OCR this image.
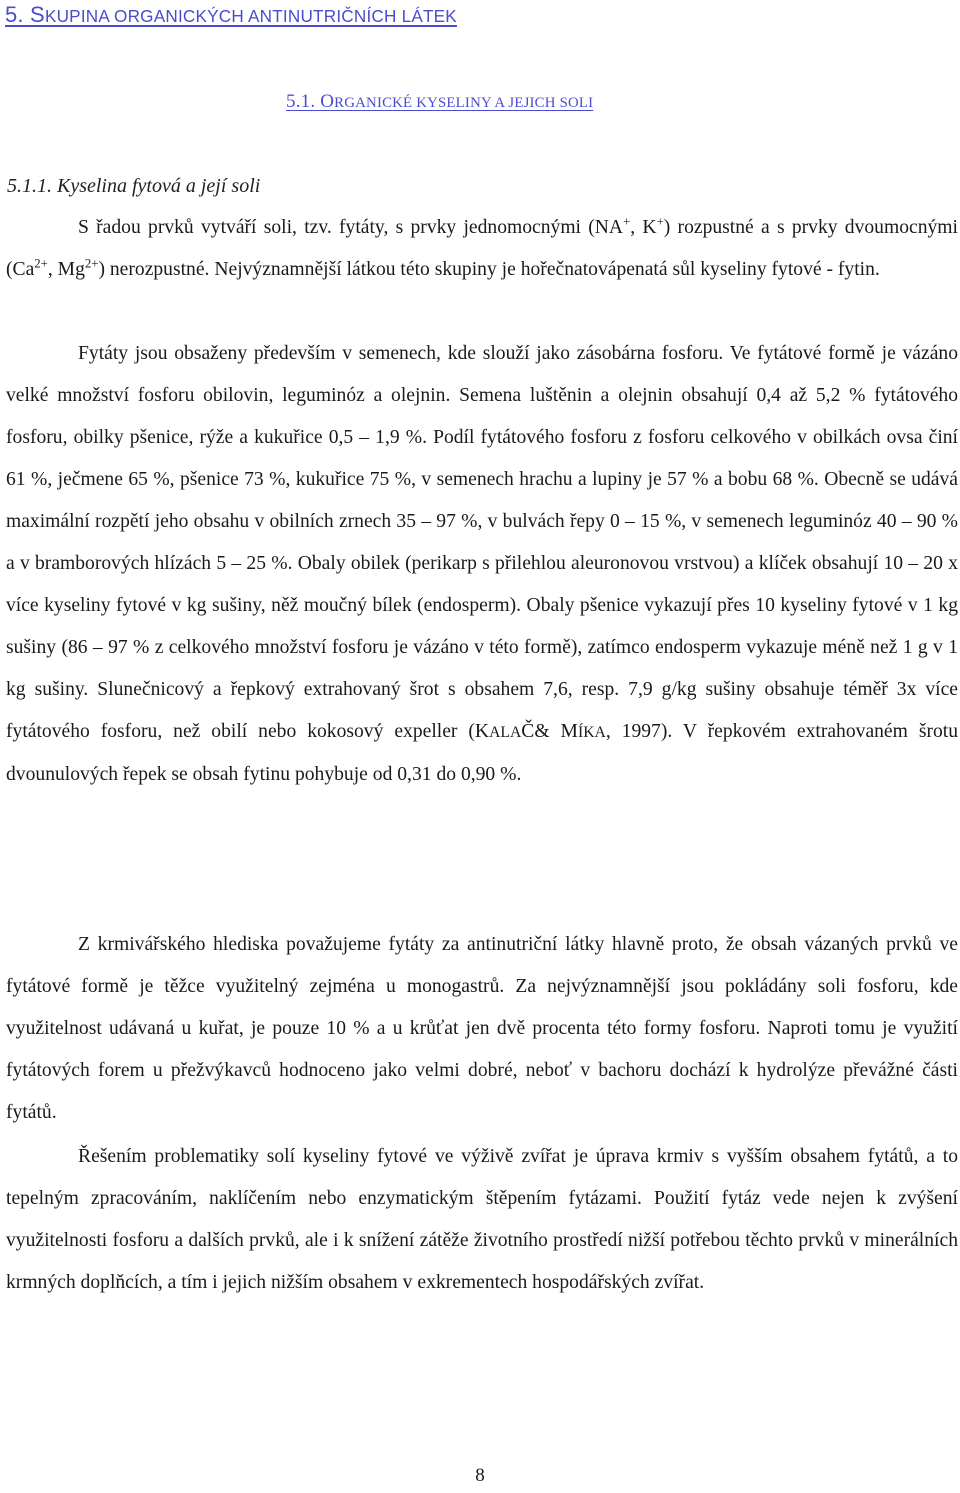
5. SKUPINA ORGANICKÝCH ANTINUTRIČNÍCH LÁTEK
5.1. ORGANICKÉ KYSELINY A JEJICH SOLI
5.1.1. Kyselina fytová a její soli

S řadou prvků vytváří soli, tzv. fytáty, s prvky jednomocnými (NA+, K+) rozpustné a s prvky dvoumocnými ($Ca^{2+}$, $Mg^{2+}$) nerozpustné. Nejvýznamnější látkou této skupiny je hořečnatovápenatá sůl kyseliny fytové - fytin.

Fytáty jsou obsaženy především v semenech, kde slouží jako zásobárna fosforu. Ve fytátové formě je vázáno velké množství fosforu obilovin, leguminóz a olejnin. Semena luštěnin a olejnin obsahují 0,4 až 5,2 % fytátového fosforu, obilky pšenice, rýže a kukuřice 0,5 – 1,9 %. Podíl fytátového fosforu z fosforu celkového v obilkách ovsa činí 61 %, ječmene 65 %, pšenice 73 %, kukuřice 75 %, v semenech hrachu a lupiny je 57 % a bobu 68 %. Obecně se udává maximální rozpětí jeho obsahu v obilních zrnech 35 – 97 %, v bulvách řepy 0 – 15 %, v semenech leguminóz 40 – 90 % a v bramborových hlízách 5 – 25 %. Obaly obilek (perikarp s přilehlou aleuronovou vrstvou) a klíček obsahují 10 – 20 x více kyseliny fytové v kg sušiny, něž moučný bílek (endosperm). Obaly pšenice vykazují přes 10 kyseliny fytové v 1 kg sušiny (86 – 97 % z celkového množství fosforu je vázáno v této formě), zatímco endosperm vykazuje méně než 1 g v 1 kg sušiny. Slunečnicový a řepkový extrahovaný šrot s obsahem 7,6, resp. 7,9 g/kg sušiny obsahuje téměř 3x více fytátového fosforu, než obilí nebo kokosový expeller (KALAČ& MÍKA, 1997). V řepkovém extrahovaném šrotu dvounulových řepek se obsah fytinu pohybuje od 0,31 do 0,90 %.

Z krmivářského hlediska považujeme fytáty za antinutriční látky hlavně proto, že obsah vázaných prvků ve fytátové formě je těžce využitelný zejména u monogastrů. Za nejvýznamnější jsou pokládány soli fosforu, kde využitelnost udávaná u kuřat, je pouze 10 % a u krůťat jen dvě procenta této formy fosforu. Naproti tomu je využití fytátových forem u přežvýkavců hodnoceno jako velmi dobré, neboť v bachoru dochází k hydrolýze převážné části fytátů.

Řešením problematiky solí kyseliny fytové ve výživě zvířat je úprava krmiv s vyšším obsahem fytátů, a to tepelným zpracováním, naklíčením nebo enzymatickým štěpením fytázami. Použití fytáz vede nejen k zvýšení využitelnosti fosforu a dalších prvků, ale i k snížení zátěže životního prostředí nižší potřebou těchto prvků v minerálních krmných doplňcích, a tím i jejich nižším obsahem v exkrementech hospodářských zvířat.

8
